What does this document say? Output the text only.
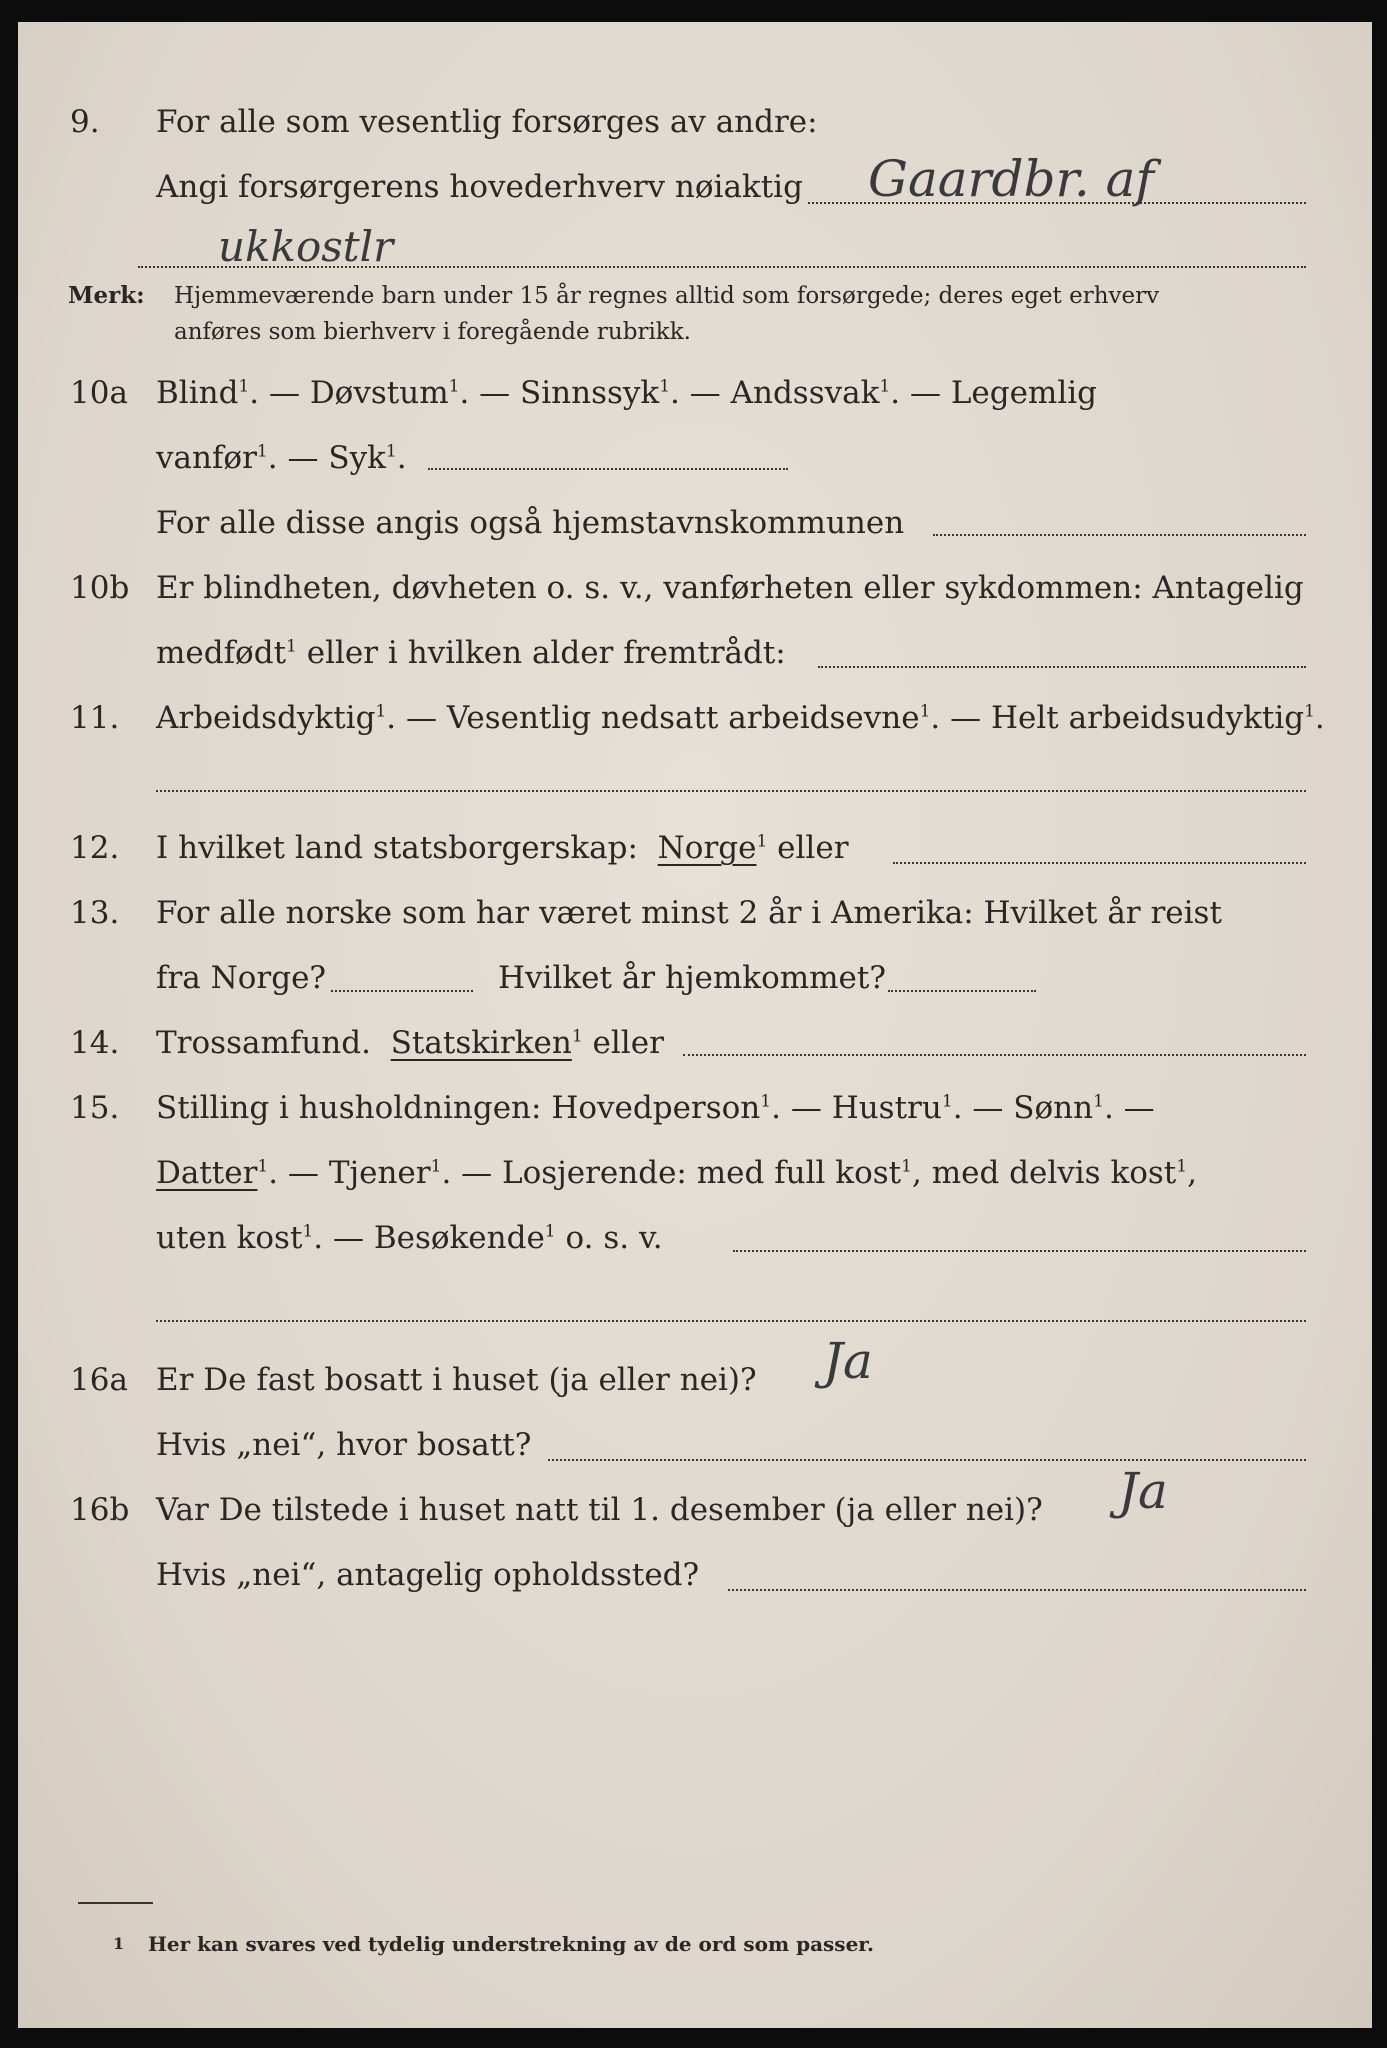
9. For alle som vesentlig forsørges av andre:
Angi forsørgerens hovederhverv nøiaktig Gaardbr. af
ukkostlr
Merk: Hjemmeværende barn under 15 år regnes alltid som forsørgede; deres eget erhverv
anføres som bierhverv i foregående rubrikk.
10a Blind$^1$. — Døvstum$^1$. — Sinnssyk$^1$. — Andssvak$^1$. — Legemlig
vanfør$^1$. — Syk$^1$.
For alle disse angis også hjemstavnskommunen
10b Er blindheten, døvheten o. s. v., vanførheten eller sykdommen: Antagelig
medfødt$^1$ eller i hvilken alder fremtrådt:
11. Arbeidsdyktig$^1$. — Vesentlig nedsatt arbeidsevne$^1$. — Helt arbeidsudyktig$^1$.
12. I hvilket land statsborgerskap: Norge$^1$ eller
13. For alle norske som har været minst 2 år i Amerika: Hvilket år reist
fra Norge?	Hvilket år hjemkommet?
14. Trossamfund. Statskirken$^1$ eller
15. Stilling i husholdningen: Hovedperson$^1$. — Hustru$^1$. — Sønn$^1$. —
Datter$^1$. — Tjener$^1$. — Losjerende: med full kost$^1$, med delvis kost$^1$,
uten kost$^1$. — Besøkende$^1$ o. s. v.
16a Er De fast bosatt i huset (ja eller nei)? Ja
Hvis „nei“, hvor bosatt?
16b Var De tilstede i huset natt til 1. desember (ja eller nei)? Ja
Hvis „nei“, antagelig opholdssted?
1 Her kan svares ved tydelig understrekning av de ord som passer.
